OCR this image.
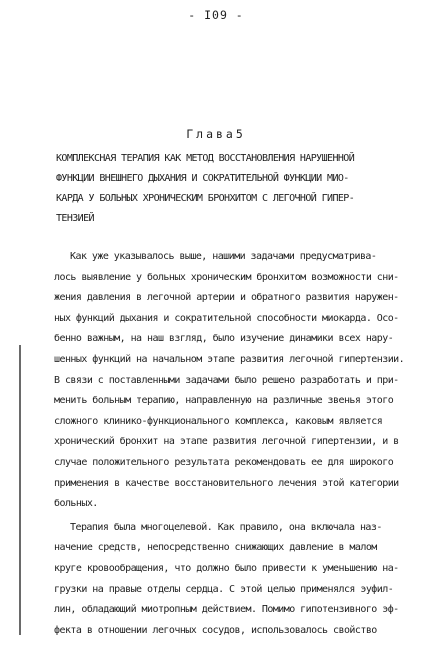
- I09 -
Глава5
КОМПЛЕКСНАЯ ТЕРАПИЯ КАК МЕТОД ВОССТАНОВЛЕНИЯ НАРУШЕННОЙ
ФУНКЦИИ ВНЕШНЕГО ДЫХАНИЯ И СОКРАТИТЕЛЬНОЙ ФУНКЦИИ МИО-
КАРДА У БОЛЬНЫХ ХРОНИЧЕСКИМ БРОНХИТОМ С ЛЕГОЧНОЙ ГИПЕР-
ТЕНЗИЕЙ
Как уже указывалось выше, нашими задачами предусматрива-
лось выявление у больных хроническим бронхитом возможности сни-
жения давления в легочной артерии и обратного развития наружен-
ных функций дыхания и сократительной способности миокарда. Осо-
бенно важным, на наш взгляд, было изучение динамики всех нару-
шенных функций на начальном этапе развития легочной гипертензии.
В связи с поставленными задачами было решено разработать и при-
менить больным терапию, направленную на различные звенья этого
сложного клинико-функционального комплекса, каковым является
хронический бронхит на этапе развития легочной гипертензии, и в
случае положительного результата рекомендовать ее для широкого
применения в качестве восстановительного лечения этой категории
больных.
Терапия была многоцелевой. Как правило, она включала наз-
начение средств, непосредственно снижающих давление в малом
круге кровообращения, что должно было привести к уменьшению на-
грузки на правые отделы сердца. С этой целью применялся эуфил-
лин, обладающий миотропным действием. Помимо гипотензивного эф-
фекта в отношении легочных сосудов, использовалось свойство
